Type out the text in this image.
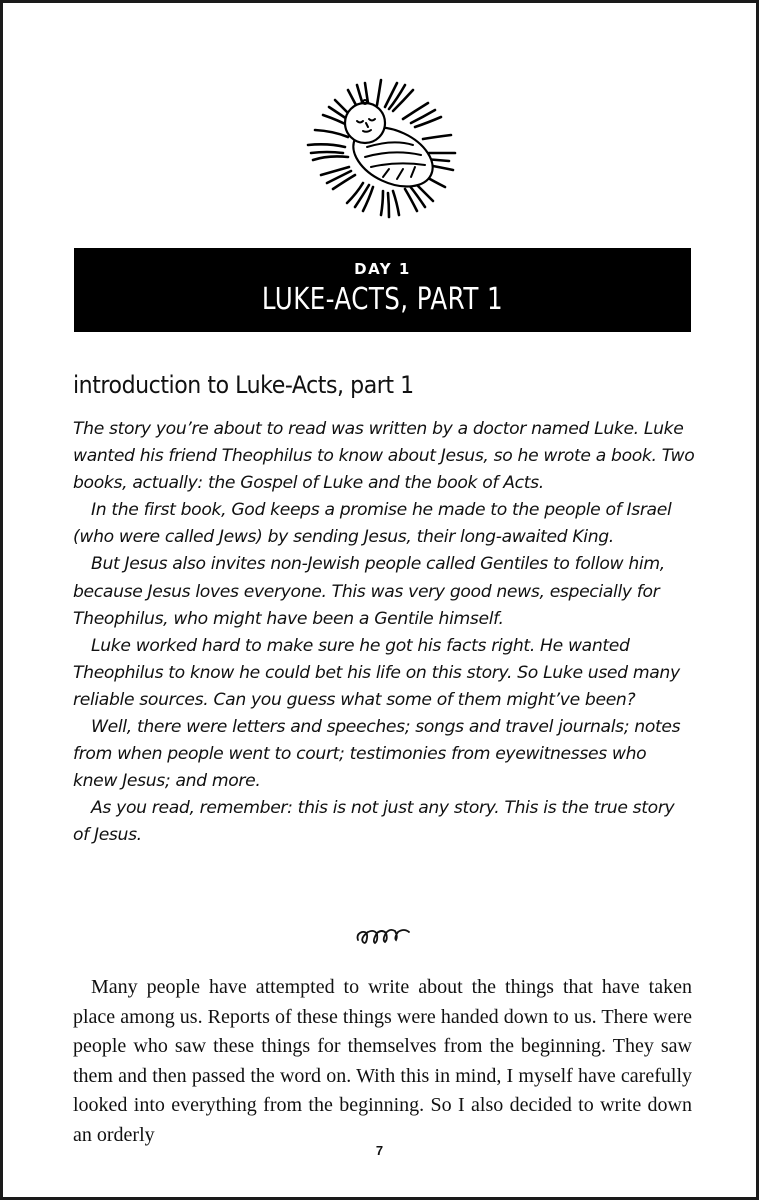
DAY 1
LUKE-ACTS, PART 1
introduction to Luke-Acts, part 1

The story you’re about to read was written by a doctor named Luke. Luke wanted his friend Theophilus to know about Jesus, so he wrote a book. Two books, actually: the Gospel of Luke and the book of Acts.

In the first book, God keeps a promise he made to the people of Israel (who were called Jews) by sending Jesus, their long-awaited King.

But Jesus also invites non-Jewish people called Gentiles to follow him, because Jesus loves everyone. This was very good news, especially for Theophilus, who might have been a Gentile himself.

Luke worked hard to make sure he got his facts right. He wanted Theophilus to know he could bet his life on this story. So Luke used many reliable sources. Can you guess what some of them might’ve been?

Well, there were letters and speeches; songs and travel journals; notes from when people went to court; testimonies from eyewitnesses who knew Jesus; and more.

As you read, remember: this is not just any story. This is the true story of Jesus.

Many people have attempted to write about the things that have taken place among us. Reports of these things were handed down to us. There were people who saw these things for themselves from the beginning. They saw them and then passed the word on. With this in mind, I myself have carefully looked into everything from the beginning. So I also decided to write down an orderly
7
